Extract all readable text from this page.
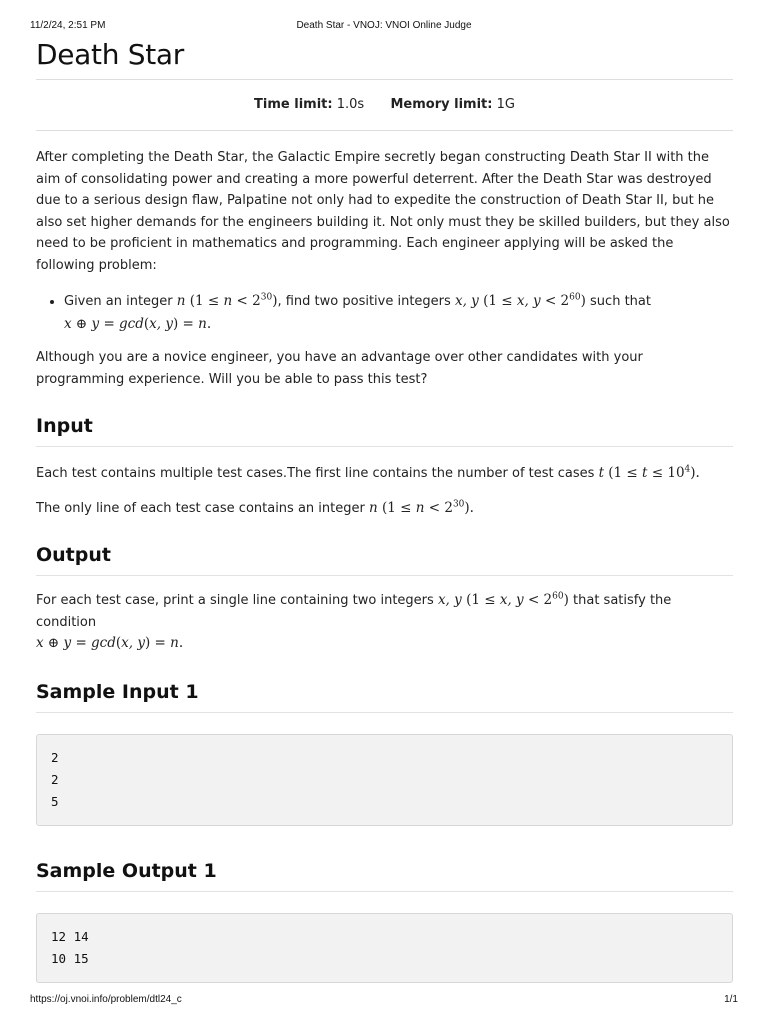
11/2/24, 2:51 PM	Death Star - VNOJ: VNOI Online Judge
Death Star
Time limit: 1.0s Memory limit: 1G

After completing the Death Star, the Galactic Empire secretly began constructing Death Star II with the aim of consolidating power and creating a more powerful deterrent. After the Death Star was destroyed due to a serious design flaw, Palpatine not only had to expedite the construction of Death Star II, but he also set higher demands for the engineers building it. Not only must they be skilled builders, but they also need to be proficient in mathematics and programming. Each engineer applying will be asked the following problem:

• Given an integer n $(1 \le n < 2^{30})$, find two positive integers x, y (1 ≤ x, $y < 2^{60}$) such that
x ⊕ y = gcd(x, y) = n.

Although you are a novice engineer, you have an advantage over other candidates with your programming experience. Will you be able to pass this test?

Input

Each test contains multiple test cases.The first line contains the number of test cases t $(1 \le t \le 10^4)$.

The only line of each test case contains an integer n $(1 \le n < 2^{30})$.

Output

For each test case, print a single line containing two integers x, y (1 ≤ x, $y < 2^{60}$) that satisfy the condition
x ⊕ y = gcd(x, y) = n.

Sample Input 1
2
2
5
Sample Output 1
12 14
10 15
https://oj.vnoi.info/problem/dtl24_c	1/1
